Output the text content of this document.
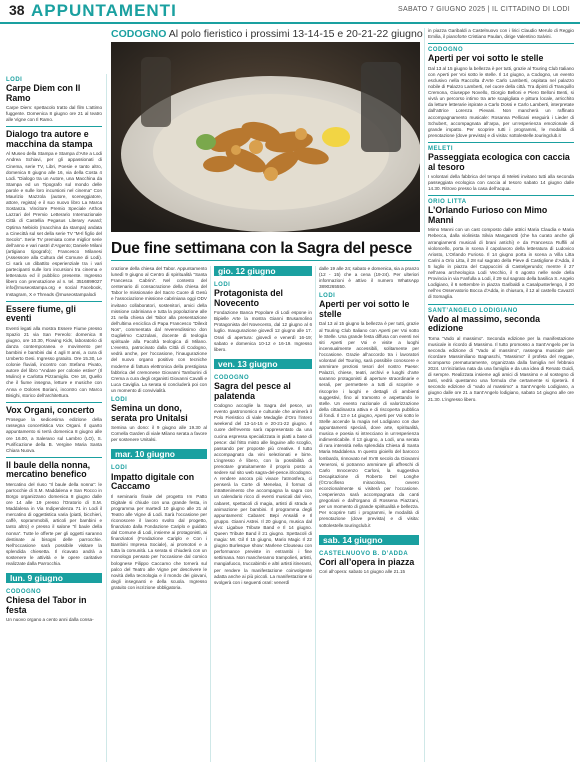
38 APPUNTAMENTI	SABATO 7 GIUGNO 2025 | IL CITTADINO DI LODI
LODI
Carpe Diem con Il Ramo

Carpe Diem: spettacolo tratto dal film L’attimo fuggente. Domenica 8 giugno ore 21 al teatro alle Vigne con Il Ramo.

Dialogo tra autore e macchina da stampa

Al Museo della Stampa e Stampa d’Arte a Lodi Andrea Schiavi, per gli appassionati di Cinema, serie TV, Libri, Poesie e tanto altro, domenica 8 giugno alle 16, via della Costa 4 Lodi. “Dialogo tra un Autore, una Macchina da Stampa ed un Tipografo sul mondo delle parole e sulle loro incursioni nel cinema” Con Maurizio Mazzola (autore, sceneggiatore, attore, regista) e il suo nuovo libro La Marca Sostanza. Vincitore Premio Speciale Arthos Lazzari del Premio Letterario Internazionale Città di Castellia Pegasus Literary Award; Optima Nebiolo (macchina da stampa) andata a Cinecittà sul set della serie TV “M-Il figlio del Secolo”. Serie TV premiata come miglior serie dell’anno e vari nastri d’Argento; Daniele Milani (artigiano tipografo); Francesco Milanesi (Assessore alla Cultura del Comune di Lodi). Ci sarà un dibattito esperienziale tra i vari partecipanti sulle loro incursioni tra cinema e letteratura ed il pubblico presente. Ingresso libero con prenotazione al n. tel. 3516899027 info@museostampa.org e social Facebook, Instagram, X e Threads @museostampalodi

Essere fiume, gli eventi

Eventi legati alla mostra Essere Fiume presso Spazio 21 via San Fereolo: domenica 8 giugno, ore 10.30, Flowing Kids, laboratorio di danza contemporanea e movimento per bambini e bambini dai 4 agli 8 anni, a cura di Umberto Gesi. Ingresso gratuito. Ore 15.30, Le colonie fluviali, incontro con Stefano Pivato, autore del libro “Andare per colonie estive” (Il Mulino) e Carlotta Pizzamiglio. Ore 18, Quello che il fiume insegna, letture e musiche con Anna e Dolores Boriani, incontro con Marco Bisighi, storico dell’architettura.

Vox Organi, concerto

Prosegue la sedicesima edizione della rassegna concertistica Vox Organi. Il quarto appuntamento si terrà domenica 8 giugno alle ore 16.00, a Salerano sul Lambro (LO), S. Purificazione della B. Vergine Maria Santa Chiara Nuova.

Il baule della nonna, mercatino benefico

Mercatino del riuso “Il baule della nonna”: le parrocchie di S.M. Maddalena e San Rocco in Borgo organizzano domenica 8 giugno dalle ore 14 alle 19 presso l’Oratorio di S.M. Maddalena in Via Indipendenza 71 in Lodi il mercatino di oggettistica varia (piatti, bicchieri, caffè, soprammobili, articoli per bambini e tanto altro) e presso il salone “Il baule della nonna”. Tutte le offerte per gli oggetti saranno destinate ai bisogni delle parrocchie. Nell’occasione sarà possibile visitare la splendida chiesetta. Il ricavato andrà a sostenere le attività e le opere caritative realizzate dalla Parrocchia.

lun. 9 giugno
CODOGNO
Chiesa del Tabor in festa

Un nuovo organo a cento anni dalla consa-

CODOGNO Al polo fieristico i prossimi 13-14-15 e 20-21-22 giugno
Due fine settimana con la Sagra del pesce

crazione della chiesa del Tabor. Appuntamento lunedì 9 giugno al Centro di spiritualità “Santa Francesca Cabrini”. Nel contesto del centenario di consacrazione della chiesa del Tabor le missionarie del Sacro Cuore di Gesù e l’associazione missione cabriniana oggi ODV invitano collaboratori, sostenitori, amici della missione cabriniana e tutta la popolazione alle 21 nella chiesa del Tabor alla presentazione dell’ultima enciclica di Papa Francesco “Dilexit Nos”, commentata dal reverendissimo don Guglielmo Cazzulani, docente di teologia spirituale alla Facoltà teologica di Milano. L’evento, patrocinato dalla Città di Codogno, vedrà anche, per l’occasione, l’inaugurazione del nuovo organo positivo con tecniche moderne di fattura elettronica della prestigiosa fabbrica del cremonese Giovanni Tamburini di Crema a cura degli organisti Giovanni Cavalli e Luca Caviglia. La serata si concluderà poi con un momento di convivialità.

LODI
Semina un dono, serata pro Unitalsi

Semina un dono: il 9 giugno alle 19.30 al Cornella Garden di viale Milano serata a favore per sostenere Unitalsi.

mar. 10 giugno
LODI
Impatto digitale con Caccamo

Il seminario finale del progetto Im Patto Digitale si chiude con una grande festa, in programma per martedì 10 giugno alle 21 al Teatro alle Vigne di Lodi. Sarà l’occasione per riconoscere il lavoro svolto dal progetto, finanziato dalla Fondazione Cariplo e guidato dal Comune di Lodi, insieme ai protagonisti, ai finanziatori (Fondazione Cariplo e Con i Bambini Impresa Sociale), ai promotori e a tutta la comunità. La serata si chiuderà con un monologo pensato per l’occasione dal comico bolognese Filippo Caccamo che tornerà sul palco del Teatro alle Vigne per descrivere le novità della tecnologia e il mondo dei giovani, degli insegnanti e della scuola. Ingresso gratuito con iscrizione obbligatoria.

gio. 12 giugno
LODI
Protagonista del Novecento

Fondazione Banca Popolare di Lodi espone in Bipielle Arte la mostra Gianni Brusamolino Protagonista del Novecento, dal 12 giugno al 6 luglio. Inaugurazione giovedì 12 giugno alle 17. Orari di apertura: giovedì e venerdì 16-19; sabato e domenica 10-12 e 16-19. Ingresso libero.

ven. 13 giugno
CODOGNO
Sagra del pesce al palatenda

Codogno accoglie la Sagra del pesce, un evento gastronomico e culturale che animerà il Polo Fieristico di viale Medaglie d’Oro l’intero weekend del 13-14-15 e 20-21-22 giugno. Il cuore dell’evento sarà rappresentato da una cucina espressa specializzata in piatti a base di pesce: dal fritto misto alle linguine allo scoglio, passando per proposte più creative. Il tutto accompagnato da vini selezionati e birre. L’ingresso è libero, con la possibilità di prenotare gratuitamente il proprio posto a sedere sul sito web sagra-del-pesce.it/codogno. A rendere ancora più vivace l’atmosfera, ci penserà la Corte di Menelao, il format di intrattenimento che accompagna la sagra con un calendario ricco di eventi musicali dal vivo, cabaret, spettacoli di magia, artisti di strada e animazione per bambini. Il programma degli appuntamenti: Cabaret: Bepi Ansaldi e Il gruppo. Gianni Astrei. Il 20 giugno, musica dal vivo: Ligabue Tribute Band e Il 14 giugno. Queen Tribute Band il 21 giugno. Spettacoli di magia: Mr. Gil Il 15 giugno, Mario Magic Il 22 giugno Burlesque show: Marlene Clouseau con performance previste in entrambi i fine settimana. Non mancheranno trampolieri, artisti, mangiafuoco, truccabimbi e altri artisti itineranti, per rendere la manifestazione coinvolgente adatta anche ai più piccoli. La manifestazione si svolgerà con i seguenti orari: venerdì

dalle 19 alle 24; sabato e domenica, sia a pranzo (12 - 15) che a cena (19-24). Per ulteriori informazioni è attivo il numero WhatsApp 3890265550.

LODI
Aperti per voi sotto le stelle

Dal 13 al 15 giugno la bellezza è per tutti, grazie al Touring Club Italiano con Aperti per Voi sotto le Stelle. Una grande festa diffusa con eventi nei siti Aperti per Voi e visite a luoghi incensualmente accessibili, solitamente per l’occasione. Grazie all’accordo tra i lavoratori volontari del Touring, sarà possibile conoscere e ammirare preziosi tesori del nostro Paese: Palazzi, chiese, teatri, archivi e luoghi d’arte saranno protagonisti di aperture straordinarie e serali, per permettere a tutti di scoprire e riscoprire i luoghi e dettagli di ambienti suggestivi, fino al tramonto e aspettando le stelle. Un evento nazionale di valorizzazione della cittadinanza attiva e di riscoperta pubblica di fondi. Il 13 e 14 giugno, Aperti per Voi sotto le Stelle accende la magia nel Lodigiano con due appuntamenti speciali, dove arte, spiritualità, musica e poesia si intrecciano in un’esperienza indimenticabile. Il 13 giugno, a Lodi, una serata di rara intensità nella splendida Chiesa di Santa Maria Maddalena. In questo gioiello del barocco lombardo, rinnovato nel XVIII secolo da Giovanni Veneroni, si potranno ammirare gli affreschi di Carlo Innocenzo Carloni, la suggestiva Decapitazione di Roberto Del Longhe (©Crocifisso miracoloso, ovvero eccezionalmente si visiterà per l’occasione. L’esperienza sarà accompagnata da canti gregoriani e dall’organo di Rossena Piazzani, per un momento di grande spiritualità e bellezza. Per scoprire tutti i programmi, le modalità di prenotazione (dove prevista) e di visita: sottolestelle.touringclub.it

sab. 14 giugno
CASTELNUOVO B. D’ADDA
Cori all’opera in piazza

Cori all’opera: sabato 14 giugno alle 21.15

in piazza Garibaldi a Castelnuovo con i lirici Claudio Merulo di Reggio Emilia, il pianoforte Cristiano Paulan, dirige Valentino Salvini.

CODOGNO
Aperti per voi sotto le stelle

Dal 13 al 15 giugno la bellezza è per tutti, grazie al Touring Club Italiano con Aperti per Voi sotto le stelle. Il 14 giugno, a Codogno, un evento esclusivo nella Raccolta d’Arte Carlo Lamberti, ospitata nel palazzo nobile di Palazzo Lamberti, nel cuore della città. Tra dipinti di Tranquillo Cremona, Giuseppe Novello, Giorgio Belloni e Piero Belloni Benti, si vivrà un percorso intimo tra arte scapigliata e pittura locale, arricchito da letture letterarie ispirate a Carlo Dossi e Carlo Lamberti, interpretate dall’attrice Lorenza Pievani. Non mancherà un raffinato accompagnamento musicale: Rosanna Pellicani eseguirà i Lieder di Schubert, accompagnata all’arpa, per un’esperienza emozionale di grande impatto. Per scoprire tutti i programmi, le modalità di prenotazione (dove prevista) e di visita: sottolestelle.touringclub.it

MELETI
Passeggiata ecologica con caccia al tesoro

I volontari della fabbrica del tempo di Meleti invitano tutti alla seconda passeggiata ecologica con caccia al tesoro sabato 14 giugno dalle 14.30. Ritrovo presso la casa dell’acqua.

ORIO LITTA
L’Orlando Furioso con Mimo Manni

Mimo Manni con un cast composto dalle attrici Maria Claudia e Maria Rebecca, dalla violinista Silvia Manganotti (che ha curato anche gli arrangiamenti musicali di brani antichi) e da Francesca Ruffili al violoncello, porta in scena il capolavoro della letteratura di Ludovico Ariosto, L’Orlando Furioso. Il 14 giugno porta in scena a Villa Litta Carini a Orio Litta, il 28 sul sagrato della Pieve di Castiglione d’Adda, il 5 luglio in piazza del Cappuccini di Castelgerundo; mentre il 27 nell’area archeologica Lodi Vecchio, il 6 agosto nelle sede della Provincia in via Fanfulla a Lodi, il 29 sul sagrato della basilica S. Angelo Lodigiano, il 6 settembre in piazza Garibaldi a Casalpusterlengo, il 20 nell’ex Osservatorio Bocca d’Adda, in chiusura, il 12 al castello Cavazzi di Somaglia.

SANT’ANGELO LODIGIANO
Vado al massimo, seconda edizione

Torna “Vado al massimo”. Seconda edizione per la manifestazione musicale in ricordo di Massimo. Il tutto promosso a Sant’Angelo per la seconda edizione di “Vado al massimo”, rassegna musicale per ricordare Massimiliano Bagnaschi, “Massimo” il profeta del reggae, scomparso prematuramente, organizzata dalla famiglia nel febbraio 2024. Un’iniziativa nata da una famiglia e da una idea di Renato Guidi, di sempre. Realizzata insieme agli amici di Massimo e al sostegno di tanti, vedrà questanno una formula che certamente si ripeterà. Il secondo edizione di “vado al massimo” a Sant’Angelo Lodigiano, a giugno dalle ore 21 a Sant’Angelo lodigiano, sabato 14 giugno alle ore 21.30. L’ingresso libero.
